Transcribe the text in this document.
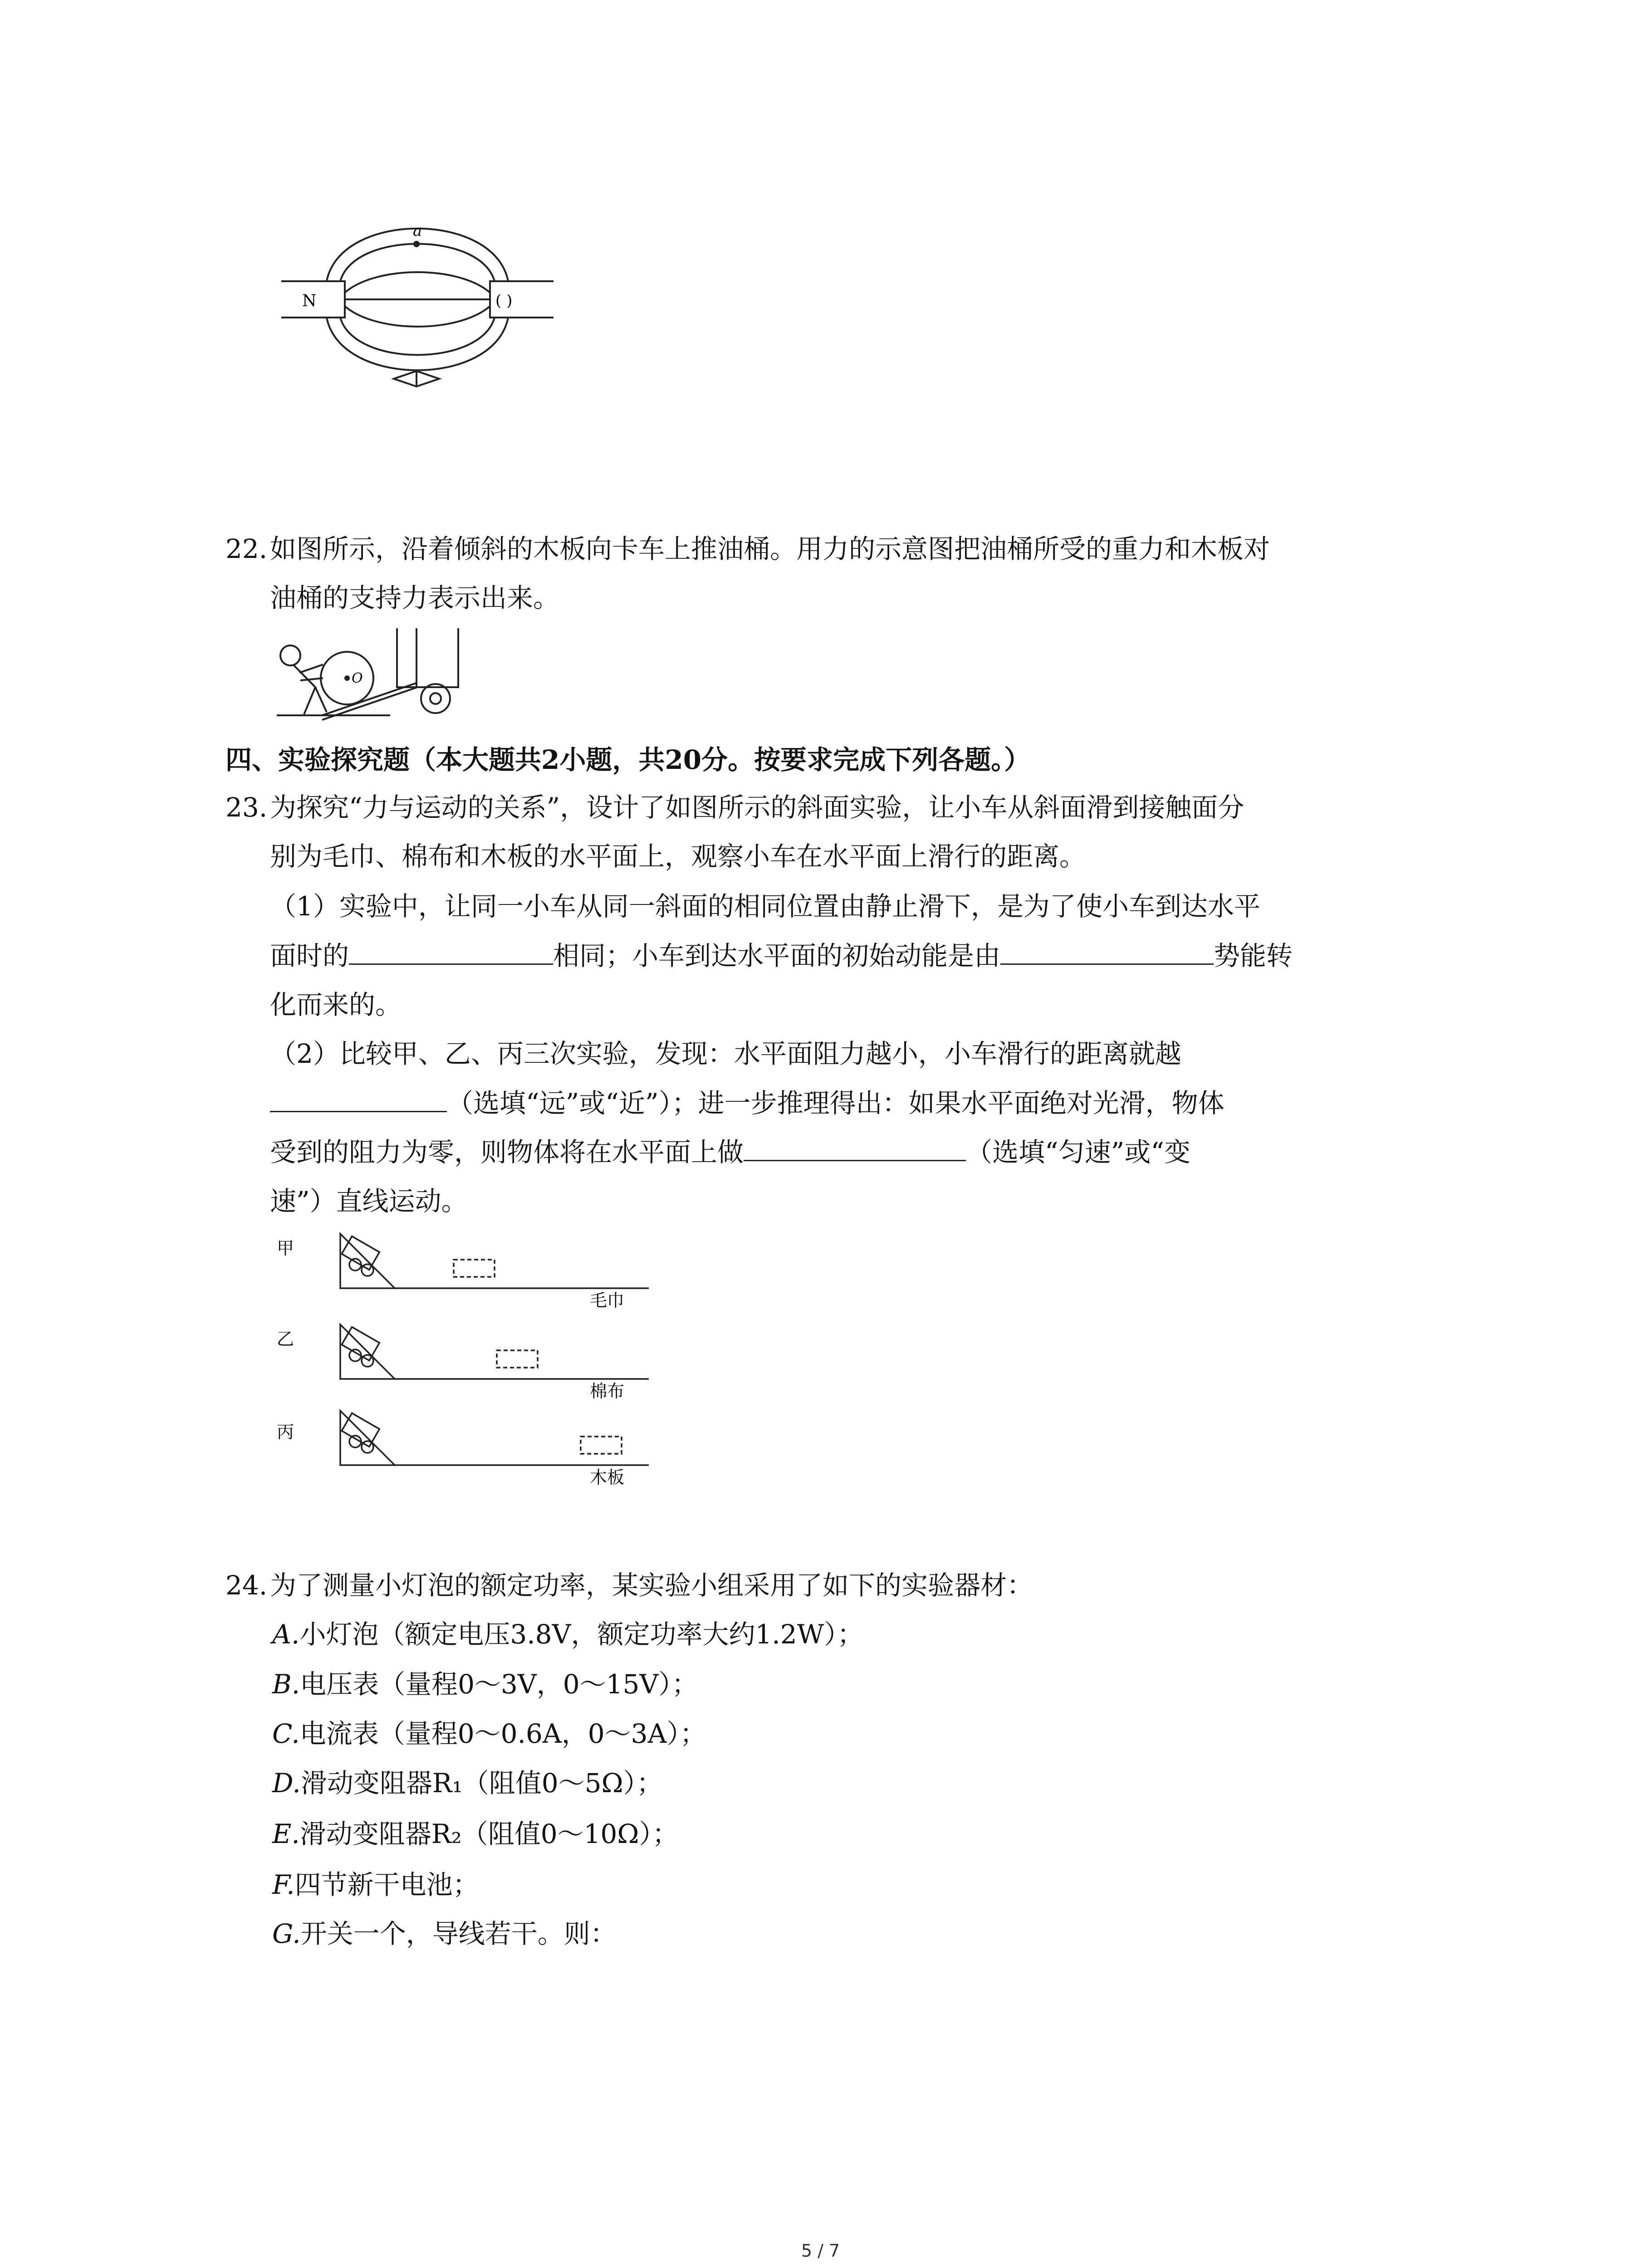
a
N	( )
22. 如图所示，沿着倾斜的木板向卡车上推油桶。用力的示意图把油桶所受的重力和木板对
油桶的支持力表示出来。
O
四、实验探究题（本大题共2小题，共20分。按要求完成下列各题。）
23. 为探究“力与运动的关系”，设计了如图所示的斜面实验，让小车从斜面滑到接触面分
别为毛巾、棉布和木板的水平面上，观察小车在水平面上滑行的距离。
（1）实验中，让同一小车从同一斜面的相同位置由静止滑下，是为了使小车到达水平
面时的	相同；小车到达水平面的初始动能是由	势能转
化而来的。
（2）比较甲、乙、丙三次实验，发现：水平面阻力越小，小车滑行的距离就越
（选填“远”或“近”）；进一步推理得出：如果水平面绝对光滑，物体
受到的阻力为零，则物体将在水平面上做	（选填“匀速”或“变
速”）直线运动。
甲
乙
丙
毛巾
棉布
木板
24. 为了测量小灯泡的额定功率，某实验小组采用了如下的实验器材：
A.小灯泡（额定电压3.8V，额定功率大约1.2W）；
B.电压表（量程0～3V，0～15V）；
C.电流表（量程0～0.6A，0～3A）；
D.滑动变阻器R₁（阻值0～5Ω）；
E.滑动变阻器R₂（阻值0～10Ω）；
F.四节新干电池；
G.开关一个，导线若干。则：
5 / 7
